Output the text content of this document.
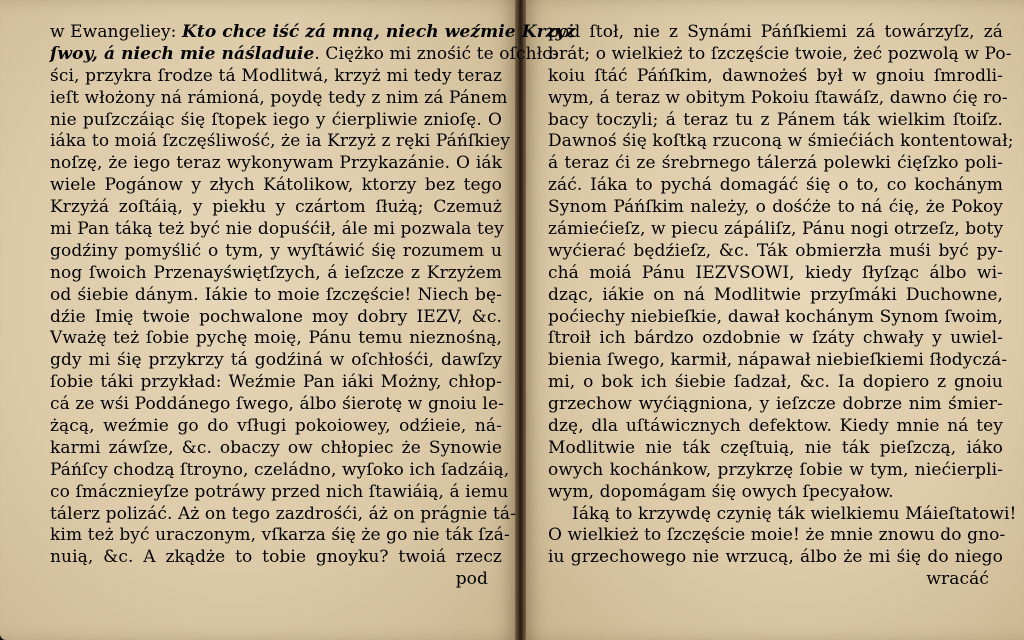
w Ewangeliey: Kto chce iść zá mną, niech weźmie Krzyż
ſwoy, á niech mie náśladuie. Ciężko mi znośić te oſchło-
ści, przykra ſrodze tá Modlitwá, krzyż mi tedy teraz
ieſt włożony ná rámioná, poydę tedy z nim zá Pánem
nie puſzczáiąc śię ſtopek iego y ćierpliwie znioſę. O
iáka to moiá ſzczęśliwość, że ia Krzyż z ręki Páńſkiey
noſzę, że iego teraz wykonywam Przykazánie. O iák
wiele Pogánow y złych Kátolikow, ktorzy bez tego
Krzyżá zoſtáią, y piekłu y czártom ſłużą; Czemuż
mi Pan táką też być nie dopuśćił, ále mi pozwala tey
godźiny pomyślić o tym, y wyſtáwić śię rozumem u
nog ſwoich Przenayświętſzych, á ieſzcze z Krzyżem
od śiebie dánym. Iákie to moie ſzczęście! Niech bę-
dźie Imię twoie pochwalone moy dobry IEZV, &c.
Vważę też ſobie pychę moię, Pánu temu nieznośną,
gdy mi śię przykrzy tá godźiná w oſchłośći, dawſzy
ſobie táki przykład: Weźmie Pan iáki Możny, chłop-
cá ze wśi Poddánego ſwego, álbo śierotę w gnoiu le-
żącą, weźmie go do vſługi pokoiowey, odźieie, ná-
karmi záwſze, &c. obaczy ow chłopiec że Synowie
Páńſcy chodzą ſtroyno, czeládno, wyſoko ich ſadzáią,
co ſmácznieyſze potráwy przed nich ſtawiáią, á iemu
tálerz polizáć. Aż on tego zazdrośći, áż on prágnie tá-
kim też być uraczonym, vſkarza śię że go nie ták ſzá-
nuią, &c. A zkądże to tobie gnoyku? twoiá rzecz
pod
pod ſtoł, nie z Synámi Páńſkiemi zá towárzyſz, zá
brát; o wielkież to ſzczęście twoie, żeć pozwolą w Po-
koiu ſtáć Páńſkim, dawnożeś był w gnoiu ſmrodli-
wym, á teraz w obitym Pokoiu ſtawáſz, dawno ćię ro-
bacy toczyli; á teraz tu z Pánem ták wielkim ſtoiſz.
Dawnoś śię koſtką rzuconą w śmiećiách kontentował;
á teraz ći ze śrebrnego tálerzá polewki ćięſzko poli-
záć. Iáka to pychá domagáć śię o to, co kochánym
Synom Páńſkim należy, o dośćże to ná ćię, że Pokoy
zámiećieſz, w piecu zápáliſz, Pánu nogi otrzeſz, boty
wyćierać będźieſz, &c. Ták obmierzła muśi być py-
chá moiá Pánu IEZVSOWI, kiedy ſłyſząc álbo wi-
dząc, iákie on ná Modlitwie przyſmáki Duchowne,
poćiechy niebieſkie, dawał kochánym Synom ſwoim,
ſtroił ich bárdzo ozdobnie w ſzáty chwały y uwiel-
bienia ſwego, karmił, nápawał niebieſkiemi ſłodyczá-
mi, o bok ich śiebie ſadzał, &c. Ia dopiero z gnoiu
grzechow wyćiągniona, y ieſzcze dobrze nim śmier-
dzę, dla uſtáwicznych defektow. Kiedy mnie ná tey
Modlitwie nie ták częſtuią, nie ták pieſzczą, iáko
owych kochánkow, przykrzę ſobie w tym, niećierpli-
wym, dopomágam śię owych ſpecyałow.
Iáką to krzywdę czynię ták wielkiemu Máieſtatowi!
O wielkież to ſzczęście moie! że mnie znowu do gno-
iu grzechowego nie wrzucą, álbo że mi śię do niego
wracáć
